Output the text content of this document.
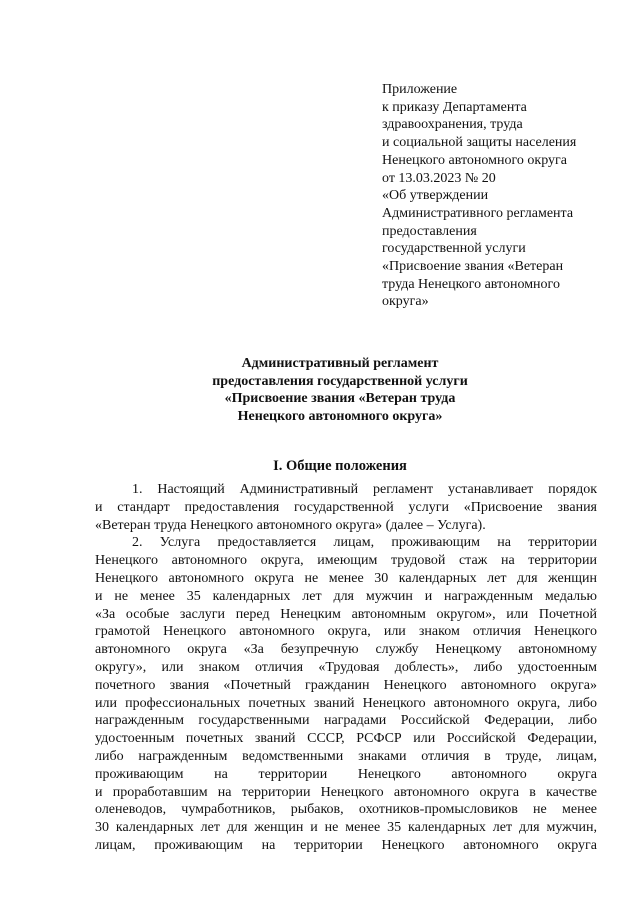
Приложение
к приказу Департамента
здравоохранения, труда
и социальной защиты населения
Ненецкого автономного округа
от 13.03.2023 № 20
«Об утверждении
Административного регламента
предоставления
государственной услуги
«Присвоение звания «Ветеран
труда Ненецкого автономного
округа»
Административный регламент
предоставления государственной услуги
«Присвоение звания «Ветеран труда
Ненецкого автономного округа»
I. Общие положения
1. Настоящий Административный регламент устанавливает порядок
и стандарт предоставления государственной услуги «Присвоение звания
«Ветеран труда Ненецкого автономного округа» (далее – Услуга).
2. Услуга предоставляется лицам, проживающим на территории
Ненецкого автономного округа, имеющим трудовой стаж на территории
Ненецкого автономного округа не менее 30 календарных лет для женщин
и не менее 35 календарных лет для мужчин и награжденным медалью
«За особые заслуги перед Ненецким автономным округом», или Почетной
грамотой Ненецкого автономного округа, или знаком отличия Ненецкого
автономного округа «За безупречную службу Ненецкому автономному
округу», или знаком отличия «Трудовая доблесть», либо удостоенным
почетного звания «Почетный гражданин Ненецкого автономного округа»
или профессиональных почетных званий Ненецкого автономного округа, либо
награжденным государственными наградами Российской Федерации, либо
удостоенным почетных званий СССР, РСФСР или Российской Федерации,
либо награжденным ведомственными знаками отличия в труде, лицам,
проживающим на территории Ненецкого автономного округа
и проработавшим на территории Ненецкого автономного округа в качестве
оленеводов, чумработников, рыбаков, охотников-промысловиков не менее
30 календарных лет для женщин и не менее 35 календарных лет для мужчин,
лицам, проживающим на территории Ненецкого автономного округа
